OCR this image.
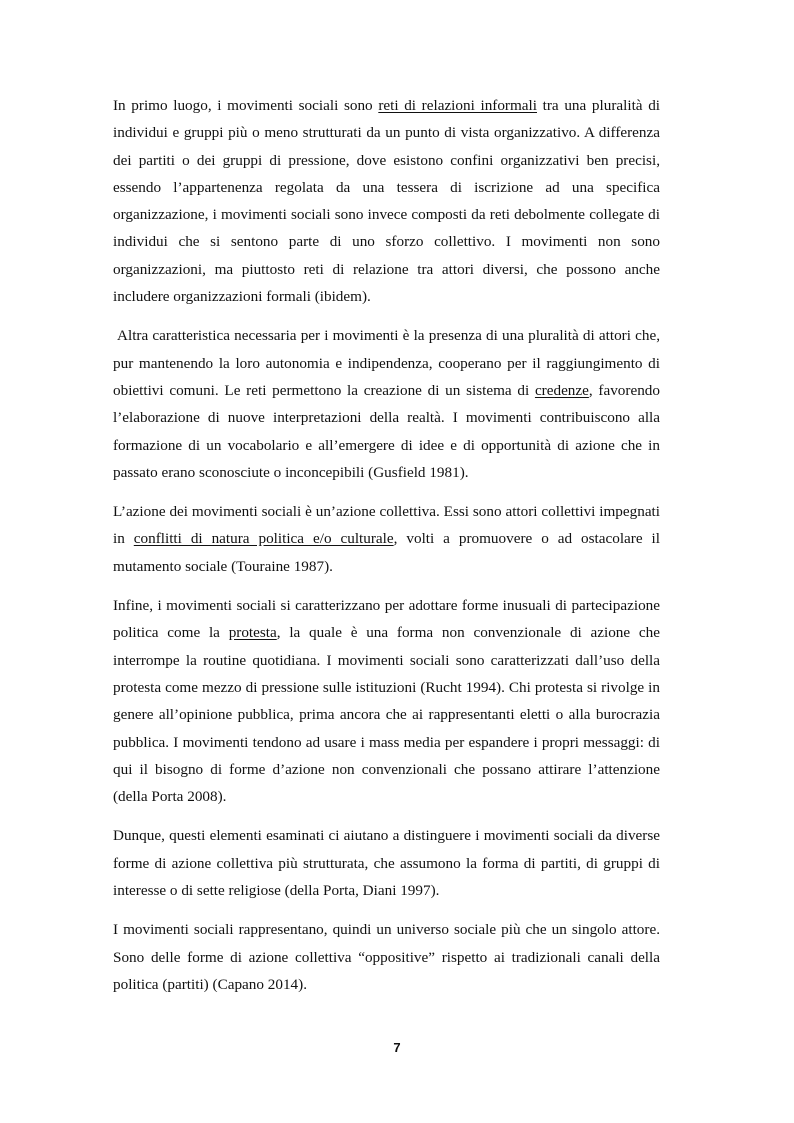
In primo luogo, i movimenti sociali sono reti di relazioni informali tra una pluralità di individui e gruppi più o meno strutturati da un punto di vista organizzativo. A differenza dei partiti o dei gruppi di pressione, dove esistono confini organizzativi ben precisi, essendo l’appartenenza regolata da una tessera di iscrizione ad una specifica organizzazione, i movimenti sociali sono invece composti da reti debolmente collegate di individui che si sentono parte di uno sforzo collettivo. I movimenti non sono organizzazioni, ma piuttosto reti di relazione tra attori diversi, che possono anche includere organizzazioni formali (ibidem).

Altra caratteristica necessaria per i movimenti è la presenza di una pluralità di attori che, pur mantenendo la loro autonomia e indipendenza, cooperano per il raggiungimento di obiettivi comuni. Le reti permettono la creazione di un sistema di credenze, favorendo l’elaborazione di nuove interpretazioni della realtà. I movimenti contribuiscono alla formazione di un vocabolario e all’emergere di idee e di opportunità di azione che in passato erano sconosciute o inconcepibili (Gusfield 1981).

L’azione dei movimenti sociali è un’azione collettiva. Essi sono attori collettivi impegnati in conflitti di natura politica e/o culturale, volti a promuovere o ad ostacolare il mutamento sociale (Touraine 1987).

Infine, i movimenti sociali si caratterizzano per adottare forme inusuali di partecipazione politica come la protesta, la quale è una forma non convenzionale di azione che interrompe la routine quotidiana. I movimenti sociali sono caratterizzati dall’uso della protesta come mezzo di pressione sulle istituzioni (Rucht 1994). Chi protesta si rivolge in genere all’opinione pubblica, prima ancora che ai rappresentanti eletti o alla burocrazia pubblica. I movimenti tendono ad usare i mass media per espandere i propri messaggi: di qui il bisogno di forme d’azione non convenzionali che possano attirare l’attenzione (della Porta 2008).

Dunque, questi elementi esaminati ci aiutano a distinguere i movimenti sociali da diverse forme di azione collettiva più strutturata, che assumono la forma di partiti, di gruppi di interesse o di sette religiose (della Porta, Diani 1997).

I movimenti sociali rappresentano, quindi un universo sociale più che un singolo attore. Sono delle forme di azione collettiva “oppositive” rispetto ai tradizionali canali della politica (partiti) (Capano 2014).

7
